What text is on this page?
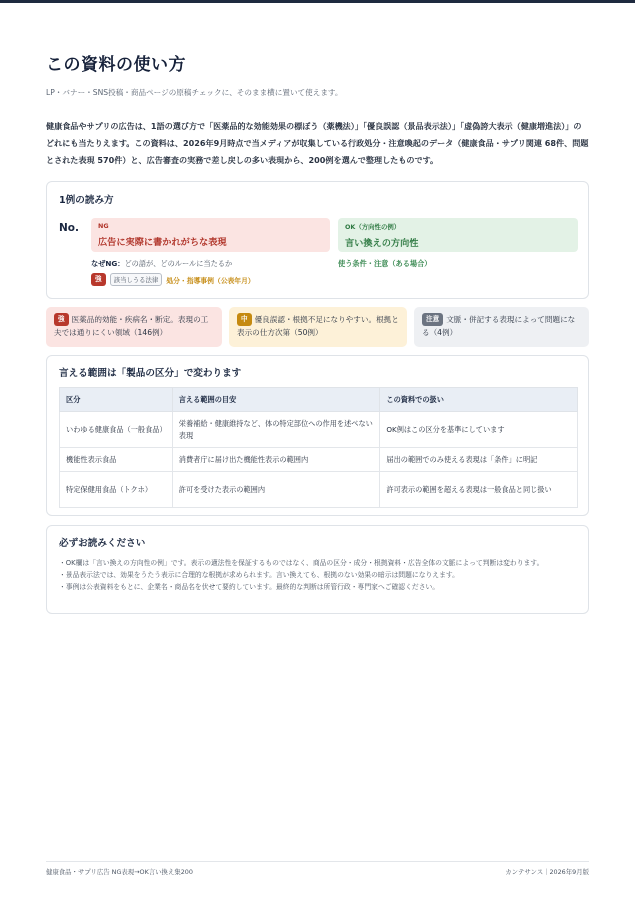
この資料の使い方

LP・バナー・SNS投稿・商品ページの原稿チェックに、そのまま横に置いて使えます。

健康食品やサプリの広告は、1語の選び方で「医薬品的な効能効果の標ぼう（薬機法）」「優良誤認（景品表示法）」「虚偽誇大表示（健康増進法）」のどれにも当たりえます。この資料は、2026年9月時点で当メディアが収集している行政処分・注意喚起のデータ（健康食品・サプリ関連 68件、問題とされた表現 570件）と、広告審査の実務で差し戻しの多い表現から、200例を選んで整理したものです。

1例の読み方
No.	NG
広告に実際に書かれがちな表現
OK（方向性の例）
言い換えの方向性
なぜNG：どの語が、どのルールに当たるか	使う条件・注意（ある場合）
強	該当しうる法律	処分・指導事例（公表年月）
強 医薬品的効能・疾病名・断定。表現の工夫では通りにくい領域（146例）
中 優良誤認・根拠不足になりやすい。根拠と表示の仕方次第（50例）
注意 文脈・併記する表現によって問題になる（4例）
言える範囲は「製品の区分」で変わります
区分	言える範囲の目安	この資料での扱い
いわゆる健康食品（一般食品）	栄養補給・健康維持など、体の特定部位への作用を述べない表現	OK例はこの区分を基準にしています
機能性表示食品	消費者庁に届け出た機能性表示の範囲内	届出の範囲でのみ使える表現は「条件」に明記
特定保健用食品（トクホ）	許可を受けた表示の範囲内	許可表示の範囲を超える表現は一般食品と同じ扱い
必ずお読みください
・OK欄は「言い換えの方向性の例」です。表示の適法性を保証するものではなく、商品の区分・成分・根拠資料・広告全体の文脈によって判断は変わります。
・景品表示法では、効果をうたう表示に合理的な根拠が求められます。言い換えても、根拠のない効果の暗示は問題になりえます。
・事例は公表資料をもとに、企業名・商品名を伏せて要約しています。最終的な判断は所管行政・専門家へご確認ください。
健康食品・サプリ広告 NG表現→OK言い換え集200	カンテサンス｜2026年9月版
